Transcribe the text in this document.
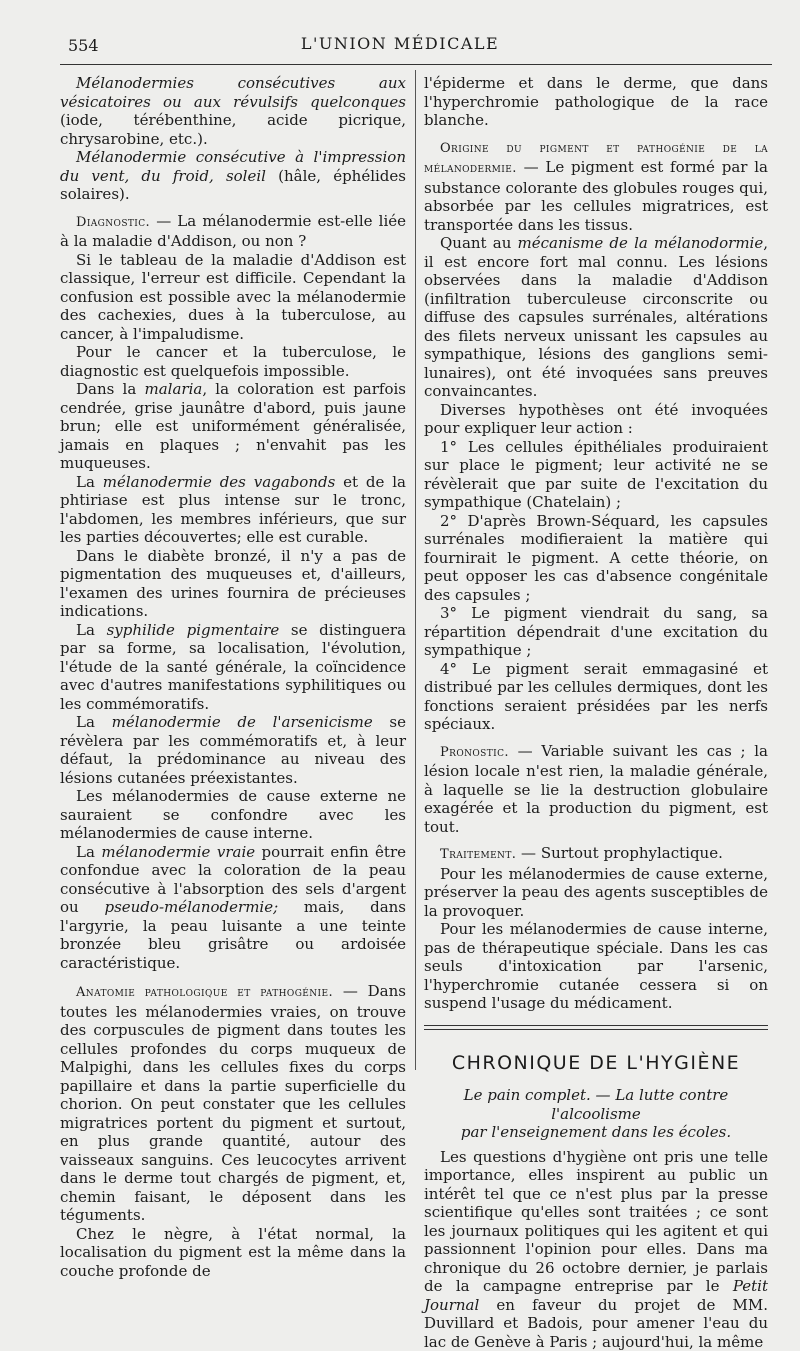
554	L'UNION MÉDICALE

Mélanodermies consécutives aux vésicatoires ou aux révulsifs quelconques (iode, térébenthine, acide picrique, chrysarobine, etc.).

Mélanodermie consécutive à l'impression du vent, du froid, soleil (hâle, éphélides solaires).

Diagnostic. — La mélanodermie est-elle liée à la maladie d'Addison, ou non ?

Si le tableau de la maladie d'Addison est classique, l'erreur est difficile. Cependant la confusion est possible avec la mélanodermie des cachexies, dues à la tuberculose, au cancer, à l'impaludisme.

Pour le cancer et la tuberculose, le diagnostic est quelquefois impossible.

Dans la malaria, la coloration est parfois cendrée, grise jaunâtre d'abord, puis jaune brun; elle est uniformément généralisée, jamais en plaques ; n'envahit pas les muqueuses.

La mélanodermie des vagabonds et de la phtiriase est plus intense sur le tronc, l'abdomen, les membres inférieurs, que sur les parties découvertes; elle est curable.

Dans le diabète bronzé, il n'y a pas de pigmentation des muqueuses et, d'ailleurs, l'examen des urines fournira de précieuses indications.

La syphilide pigmentaire se distinguera par sa forme, sa localisation, l'évolution, l'étude de la santé générale, la coïncidence avec d'autres manifestations syphilitiques ou les commémoratifs.

La mélanodermie de l'arsenicisme se révèlera par les commémoratifs et, à leur défaut, la prédominance au niveau des lésions cutanées préexistantes.

Les mélanodermies de cause externe ne sauraient se confondre avec les mélanodermies de cause interne.

La mélanodermie vraie pourrait enfin être confondue avec la coloration de la peau consécutive à l'absorption des sels d'argent ou pseudo-mélanodermie; mais, dans l'argyrie, la peau luisante a une teinte bronzée bleu grisâtre ou ardoisée caractéristique.

Anatomie pathologique et pathogénie. — Dans toutes les mélanodermies vraies, on trouve des corpuscules de pigment dans toutes les cellules profondes du corps muqueux de Malpighi, dans les cellules fixes du corps papillaire et dans la partie superficielle du chorion. On peut constater que les cellules migratrices portent du pigment et surtout, en plus grande quantité, autour des vaisseaux sanguins. Ces leucocytes arrivent dans le derme tout chargés de pigment, et, chemin faisant, le déposent dans les téguments.

Chez le nègre, à l'état normal, la localisation du pigment est la même dans la couche profonde de

l'épiderme et dans le derme, que dans l'hyperchromie pathologique de la race blanche.

Origine du pigment et pathogénie de la mélanodermie. — Le pigment est formé par la substance colorante des globules rouges qui, absorbée par les cellules migratrices, est transportée dans les tissus.

Quant au mécanisme de la mélanodormie, il est encore fort mal connu. Les lésions observées dans la maladie d'Addison (infiltration tuberculeuse circonscrite ou diffuse des capsules surrénales, altérations des filets nerveux unissant les capsules au sympathique, lésions des ganglions semi-lunaires), ont été invoquées sans preuves convaincantes.

Diverses hypothèses ont été invoquées pour expliquer leur action :

1° Les cellules épithéliales produiraient sur place le pigment; leur activité ne se révèlerait que par suite de l'excitation du sympathique (Chatelain) ;

2° D'après Brown-Séquard, les capsules surrénales modifieraient la matière qui fournirait le pigment. A cette théorie, on peut opposer les cas d'absence congénitale des capsules ;

3° Le pigment viendrait du sang, sa répartition dépendrait d'une excitation du sympathique ;

4° Le pigment serait emmagasiné et distribué par les cellules dermiques, dont les fonctions seraient présidées par les nerfs spéciaux.

Pronostic. — Variable suivant les cas ; la lésion locale n'est rien, la maladie générale, à laquelle se lie la destruction globulaire exagérée et la production du pigment, est tout.

Traitement. — Surtout prophylactique.

Pour les mélanodermies de cause externe, préserver la peau des agents susceptibles de la provoquer.

Pour les mélanodermies de cause interne, pas de thérapeutique spéciale. Dans les cas seuls d'intoxication par l'arsenic, l'hyperchromie cutanée cessera si on suspend l'usage du médicament.

CHRONIQUE DE L'HYGIÈNE
Le pain complet. — La lutte contre l'alcoolisme
par l'enseignement dans les écoles.

Les questions d'hygiène ont pris une telle importance, elles inspirent au public un intérêt tel que ce n'est plus par la presse scientifique qu'elles sont traitées ; ce sont les journaux politiques qui les agitent et qui passionnent l'opinion pour elles. Dans ma chronique du 26 octobre dernier, je parlais de la campagne entreprise par le Petit Journal en faveur du projet de MM. Duvillard et Badois, pour amener l'eau du lac de Genève à Paris ; aujourd'hui, la même
